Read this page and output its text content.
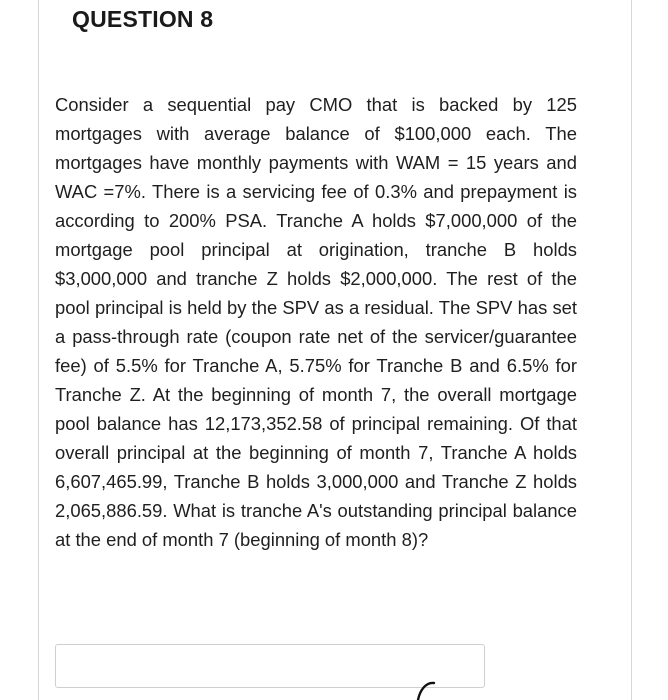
QUESTION 8
Consider a sequential pay CMO that is backed by 125 mortgages with average balance of $100,000 each. The mortgages have monthly payments with WAM = 15 years and WAC =7%. There is a servicing fee of 0.3% and prepayment is according to 200% PSA. Tranche A holds $7,000,000 of the mortgage pool principal at origination, tranche B holds $3,000,000 and tranche Z holds $2,000,000. The rest of the pool principal is held by the SPV as a residual. The SPV has set a pass-through rate (coupon rate net of the servicer/guarantee fee) of 5.5% for Tranche A, 5.75% for Tranche B and 6.5% for Tranche Z. At the beginning of month 7, the overall mortgage pool balance has 12,173,352.58 of principal remaining. Of that overall principal at the beginning of month 7, Tranche A holds 6,607,465.99, Tranche B holds 3,000,000 and Tranche Z holds 2,065,886.59. What is tranche A's outstanding principal balance at the end of month 7 (beginning of month 8)?
